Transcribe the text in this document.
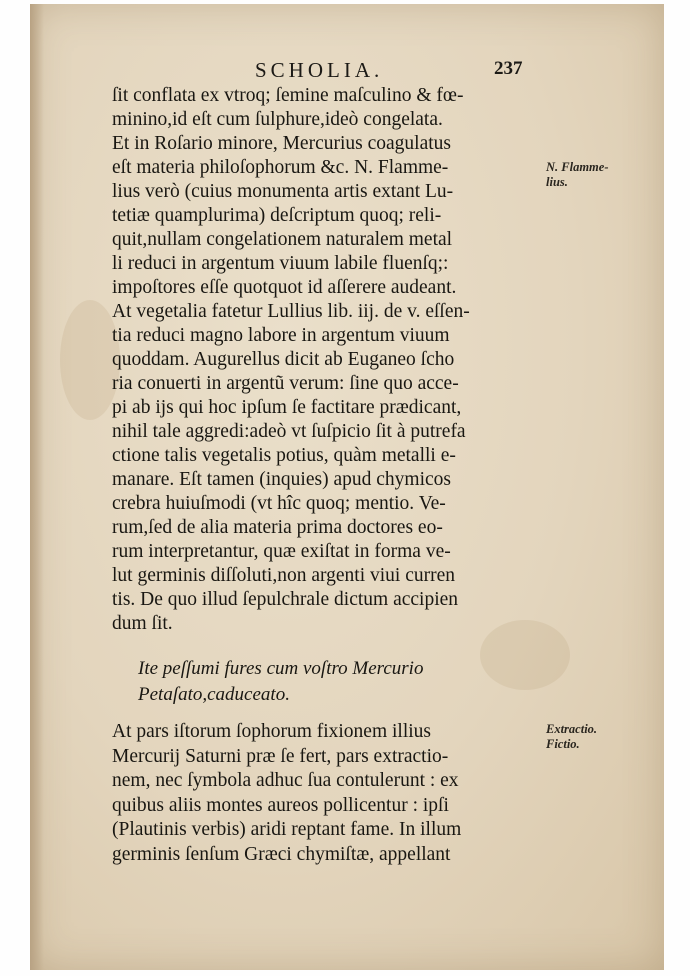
SCHOLIA.	237
ſit conflata ex vtroq; ſemine maſculino & fœ-
minino,id eſt cum ſulphure,ideò congelata.
Et in Roſario minore, Mercurius coagulatus
eſt materia philoſophorum &c. N. Flamme-
lius verò (cuius monumenta artis extant Lu-
tetiæ quamplurima) deſcriptum quoq; reli-
quit,nullam congelationem naturalem metal
li reduci in argentum viuum labile fluenſq;:
impoſtores eſſe quotquot id aſſerere audeant.
At vegetalia fatetur Lullius lib. iij. de v. eſſen-
tia reduci magno labore in argentum viuum
quoddam. Augurellus dicit ab Euganeo ſcho
ria conuerti in argentũ verum: ſine quo acce-
pi ab ijs qui hoc ipſum ſe factitare prædicant,
nihil tale aggredi:adeò vt ſuſpicio ſit à putrefa
ctione talis vegetalis potius, quàm metalli e-
manare. Eſt tamen (inquies) apud chymicos
crebra huiuſmodi (vt hîc quoq; mentio. Ve-
rum,ſed de alia materia prima doctores eo-
rum interpretantur, quæ exiſtat in forma ve-
lut germinis diſſoluti,non argenti viui curren
tis. De quo illud ſepulchrale dictum accipien
dum ſit.
Ite peſſumi fures cum voſtro Mercurio
Petaſato,caduceato.
At pars iſtorum ſophorum fixionem illius
Mercurij Saturni præ ſe fert, pars extractio-
nem, nec ſymbola adhuc ſua contulerunt : ex
quibus aliis montes aureos pollicentur : ipſi
(Plautinis verbis) aridi reptant fame. In illum
germinis ſenſum Græci chymiſtæ, appellant
N. Flamme-
lius.
Extractio.
Fictio.
